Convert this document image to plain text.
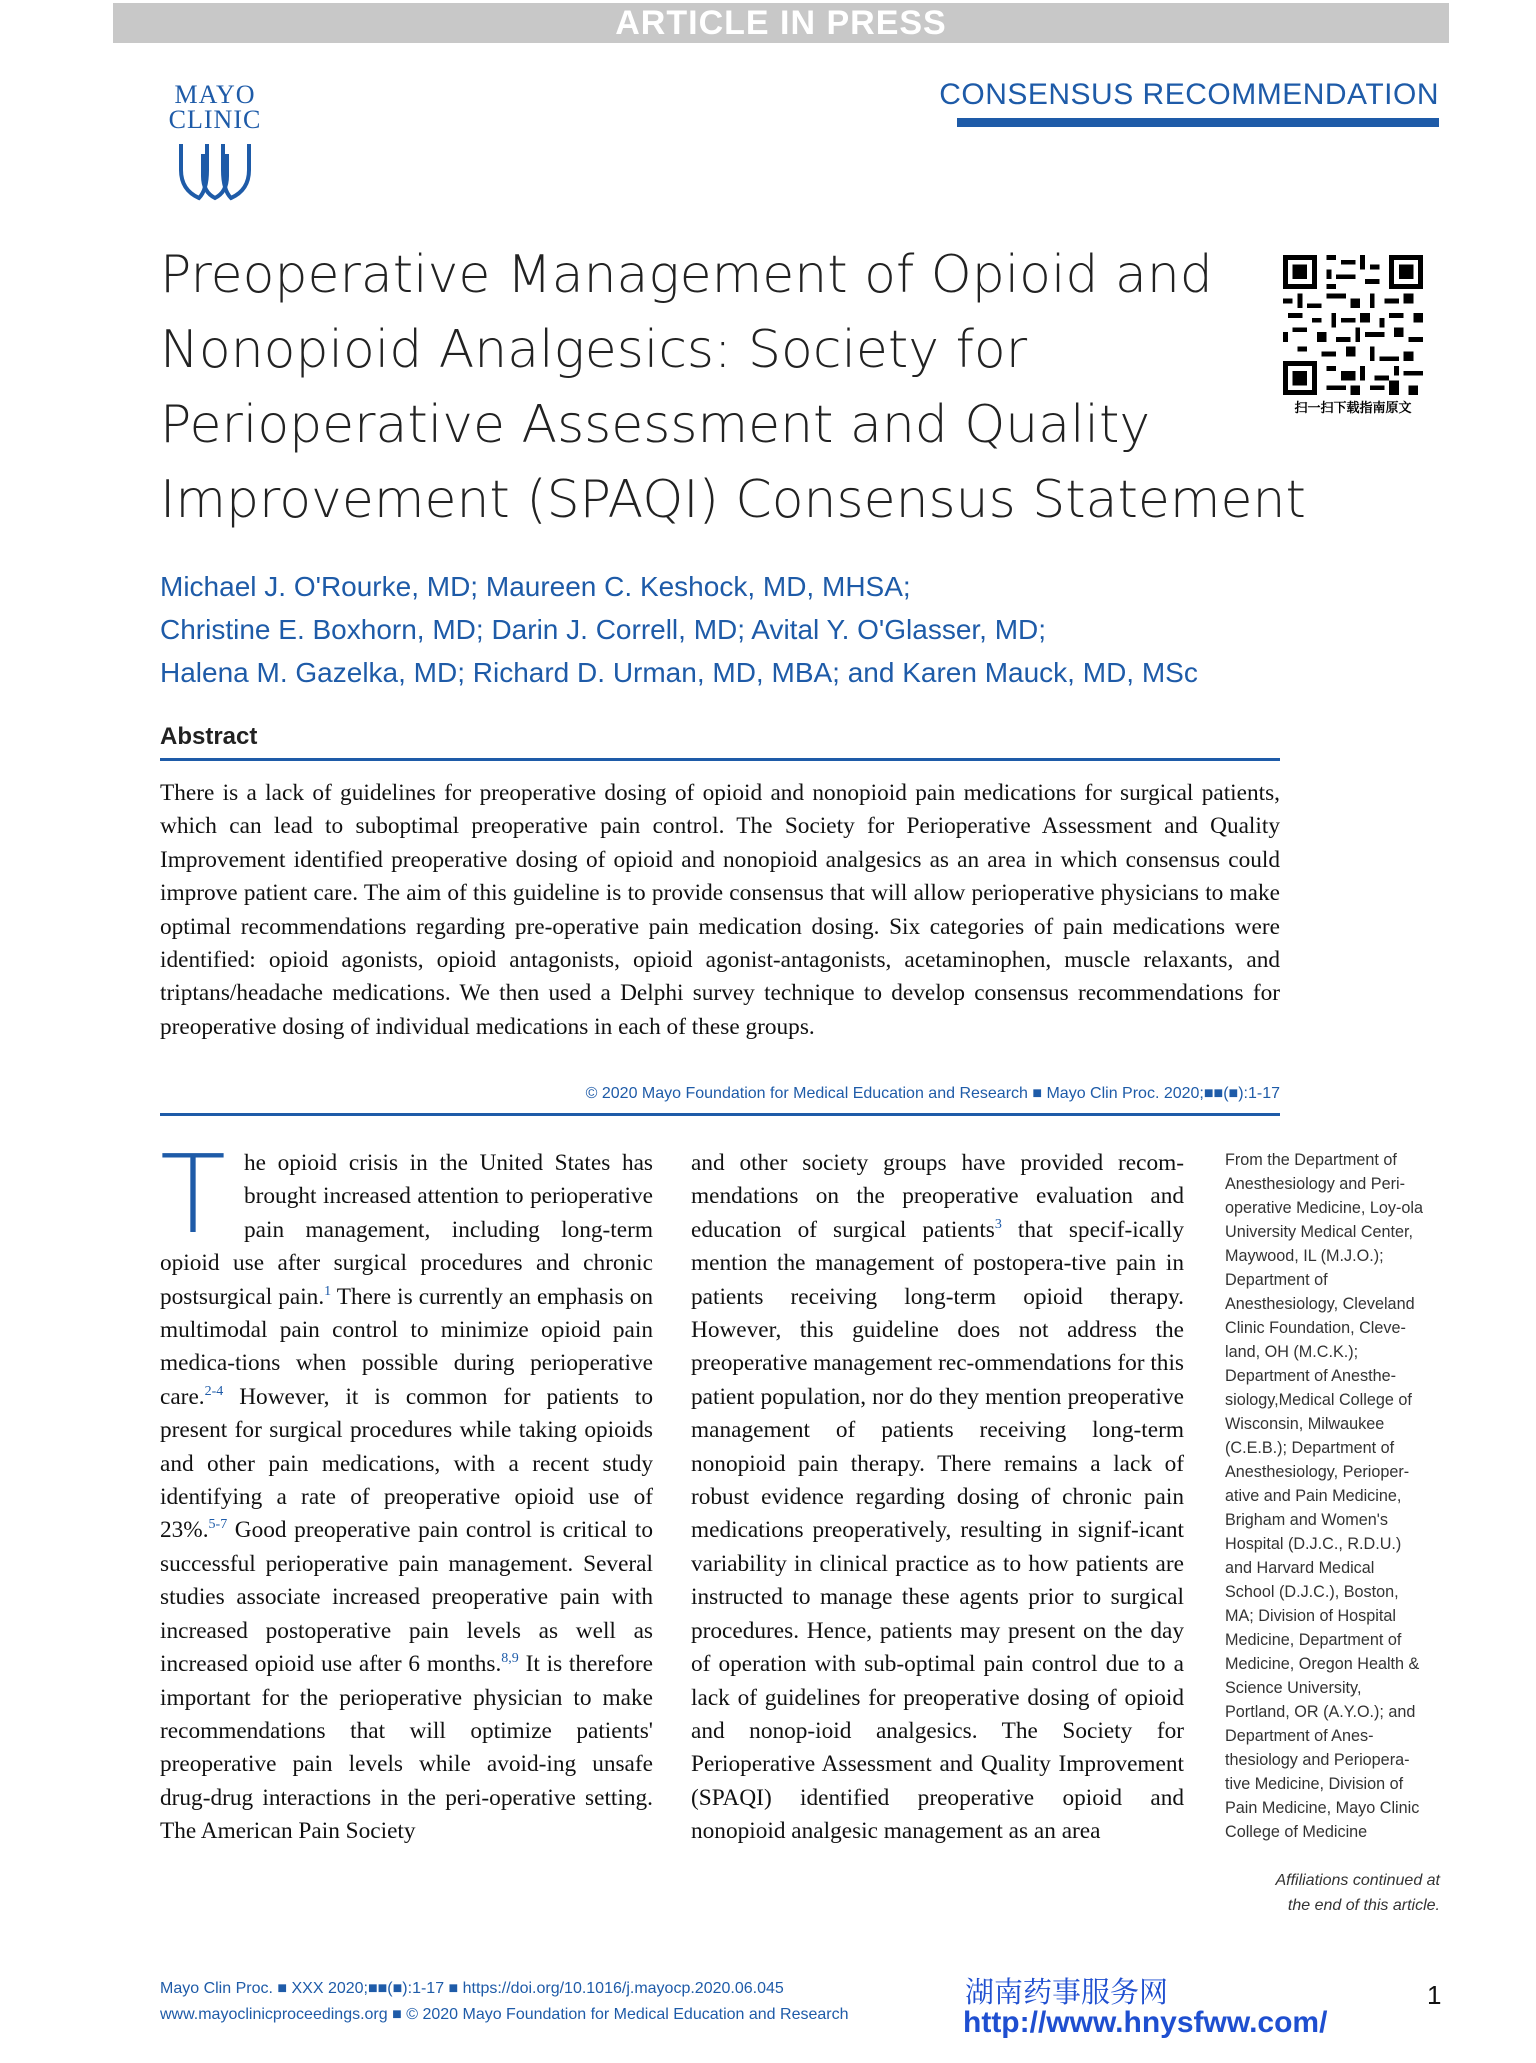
ARTICLE IN PRESS
MAYO
CLINIC
CONSENSUS RECOMMENDATION
Preoperative Management of Opioid and
Nonopioid Analgesics: Society for
Perioperative Assessment and Quality
Improvement (SPAQI) Consensus Statement
扫一扫下载指南原文
Michael J. O'Rourke, MD; Maureen C. Keshock, MD, MHSA;
Christine E. Boxhorn, MD; Darin J. Correll, MD; Avital Y. O'Glasser, MD;
Halena M. Gazelka, MD; Richard D. Urman, MD, MBA; and Karen Mauck, MD, MSc
Abstract

There is a lack of guidelines for preoperative dosing of opioid and nonopioid pain medications for surgical patients, which can lead to suboptimal preoperative pain control. The Society for Perioperative Assessment and Quality Improvement identified preoperative dosing of opioid and nonopioid analgesics as an area in which consensus could improve patient care. The aim of this guideline is to provide consensus that will allow perioperative physicians to make optimal recommendations regarding pre-operative pain medication dosing. Six categories of pain medications were identified: opioid agonists, opioid antagonists, opioid agonist-antagonists, acetaminophen, muscle relaxants, and triptans/headache medications. We then used a Delphi survey technique to develop consensus recommendations for preoperative dosing of individual medications in each of these groups.

© 2020 Mayo Foundation for Medical Education and Research ■ Mayo Clin Proc. 2020;■■(■):1-17

The opioid crisis in the United States has brought increased attention to perioperative pain management, including long-term opioid use after surgical procedures and chronic postsurgical pain.$^1$ There is currently an emphasis on multimodal pain control to minimize opioid pain medica-tions when possible during perioperative care.$^{2-4}$ However, it is common for patients to present for surgical procedures while taking opioids and other pain medications, with a recent study identifying a rate of preoperative opioid use of 23%.$^{5-7}$ Good preoperative pain control is critical to successful perioperative pain management. Several studies associate increased preoperative pain with increased postoperative pain levels as well as increased opioid use after 6 months.$^{8,9}$ It is therefore important for the perioperative physician to make recommendations that will optimize patients' preoperative pain levels while avoid-ing unsafe drug-drug interactions in the peri-operative setting. The American Pain Society

and other society groups have provided recom-mendations on the preoperative evaluation and education of surgical patients$^3$ that specif-ically mention the management of postopera-tive pain in patients receiving long-term opioid therapy. However, this guideline does not address the preoperative management rec-ommendations for this patient population, nor do they mention preoperative management of patients receiving long-term nonopioid pain therapy. There remains a lack of robust evidence regarding dosing of chronic pain medications preoperatively, resulting in signif-icant variability in clinical practice as to how patients are instructed to manage these agents prior to surgical procedures. Hence, patients may present on the day of operation with sub-optimal pain control due to a lack of guidelines for preoperative dosing of opioid and nonop-ioid analgesics. The Society for Perioperative Assessment and Quality Improvement (SPAQI) identified preoperative opioid and nonopioid analgesic management as an area

From the Department of Anesthesiology and Peri-operative Medicine, Loy-ola University Medical Center, Maywood, IL (M.J.O.); Department of Anesthesiology, Cleveland Clinic Foundation, Cleve-land, OH (M.C.K.); Department of Anesthe-siology,Medical College of Wisconsin, Milwaukee (C.E.B.); Department of Anesthesiology, Perioper-ative and Pain Medicine, Brigham and Women's Hospital (D.J.C., R.D.U.) and Harvard Medical School (D.J.C.), Boston, MA; Division of Hospital Medicine, Department of Medicine, Oregon Health & Science University, Portland, OR (A.Y.O.); and Department of Anes-thesiology and Periopera-tive Medicine, Division of Pain Medicine, Mayo Clinic College of Medicine

Affiliations continued at
the end of this article.
Mayo Clin Proc. ■ XXX 2020;■■(■):1-17 ■ https://doi.org/10.1016/j.mayocp.2020.06.045
www.mayoclinicproceedings.org ■ © 2020 Mayo Foundation for Medical Education and Research
湖南药事服务网
http://www.hnysfww.com/
1
